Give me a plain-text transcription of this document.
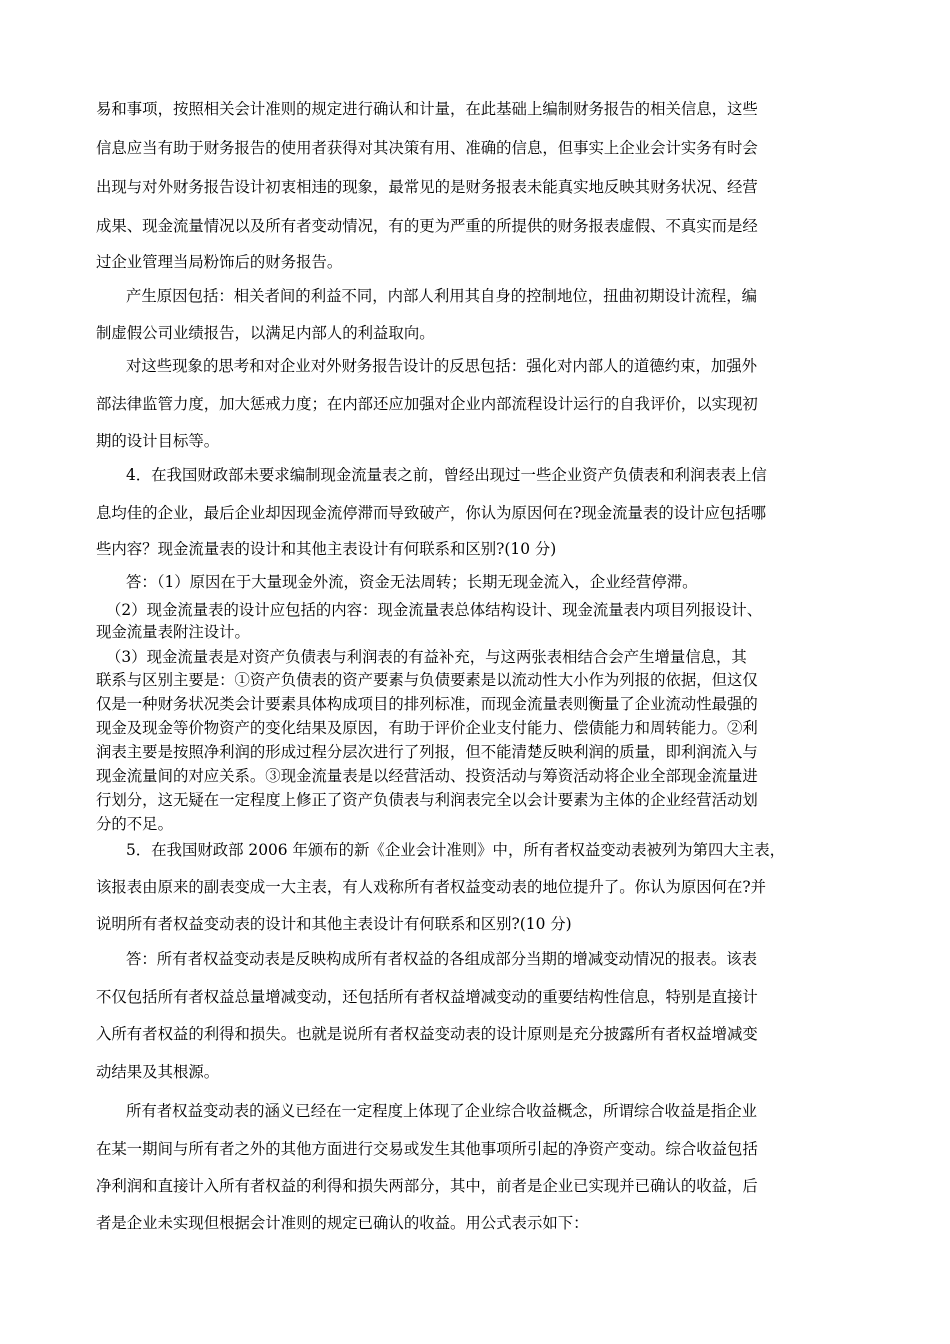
易和事项，按照相关会计准则的规定进行确认和计量，在此基础上编制财务报告的相关信息，这些
信息应当有助于财务报告的使用者获得对其决策有用、准确的信息，但事实上企业会计实务有时会
出现与对外财务报告设计初衷相违的现象，最常见的是财务报表未能真实地反映其财务状况、经营
成果、现金流量情况以及所有者变动情况，有的更为严重的所提供的财务报表虚假、不真实而是经
过企业管理当局粉饰后的财务报告。
产生原因包括：相关者间的利益不同，内部人利用其自身的控制地位，扭曲初期设计流程，编
制虚假公司业绩报告，以满足内部人的利益取向。
对这些现象的思考和对企业对外财务报告设计的反思包括：强化对内部人的道德约束，加强外
部法律监管力度，加大惩戒力度；在内部还应加强对企业内部流程设计运行的自我评价，以实现初
期的设计目标等。
4．在我国财政部未要求编制现金流量表之前，曾经出现过一些企业资产负债表和利润表表上信
息均佳的企业，最后企业却因现金流停滞而导致破产，你认为原因何在?现金流量表的设计应包括哪
些内容？现金流量表的设计和其他主表设计有何联系和区别?(10 分)
答：（1）原因在于大量现金外流，资金无法周转；长期无现金流入，企业经营停滞。
（2）现金流量表的设计应包括的内容：现金流量表总体结构设计、现金流量表内项目列报设计、
现金流量表附注设计。
（3）现金流量表是对资产负债表与利润表的有益补充，与这两张表相结合会产生增量信息，其
联系与区别主要是：①资产负债表的资产要素与负债要素是以流动性大小作为列报的依据，但这仅
仅是一种财务状况类会计要素具体构成项目的排列标准，而现金流量表则衡量了企业流动性最强的
现金及现金等价物资产的变化结果及原因，有助于评价企业支付能力、偿债能力和周转能力。②利
润表主要是按照净利润的形成过程分层次进行了列报，但不能清楚反映利润的质量，即利润流入与
现金流量间的对应关系。③现金流量表是以经营活动、投资活动与筹资活动将企业全部现金流量进
行划分，这无疑在一定程度上修正了资产负债表与利润表完全以会计要素为主体的企业经营活动划
分的不足。
5．在我国财政部 2006 年颁布的新《企业会计准则》中，所有者权益变动表被列为第四大主表，
该报表由原来的副表变成一大主表，有人戏称所有者权益变动表的地位提升了。你认为原因何在?并
说明所有者权益变动表的设计和其他主表设计有何联系和区别?(10 分)
答：所有者权益变动表是反映构成所有者权益的各组成部分当期的增减变动情况的报表。该表
不仅包括所有者权益总量增减变动，还包括所有者权益增减变动的重要结构性信息，特别是直接计
入所有者权益的利得和损失。也就是说所有者权益变动表的设计原则是充分披露所有者权益增减变
动结果及其根源。
所有者权益变动表的涵义已经在一定程度上体现了企业综合收益概念，所谓综合收益是指企业
在某一期间与所有者之外的其他方面进行交易或发生其他事项所引起的净资产变动。综合收益包括
净利润和直接计入所有者权益的利得和损失两部分，其中，前者是企业已实现并已确认的收益，后
者是企业未实现但根据会计准则的规定已确认的收益。用公式表示如下：
